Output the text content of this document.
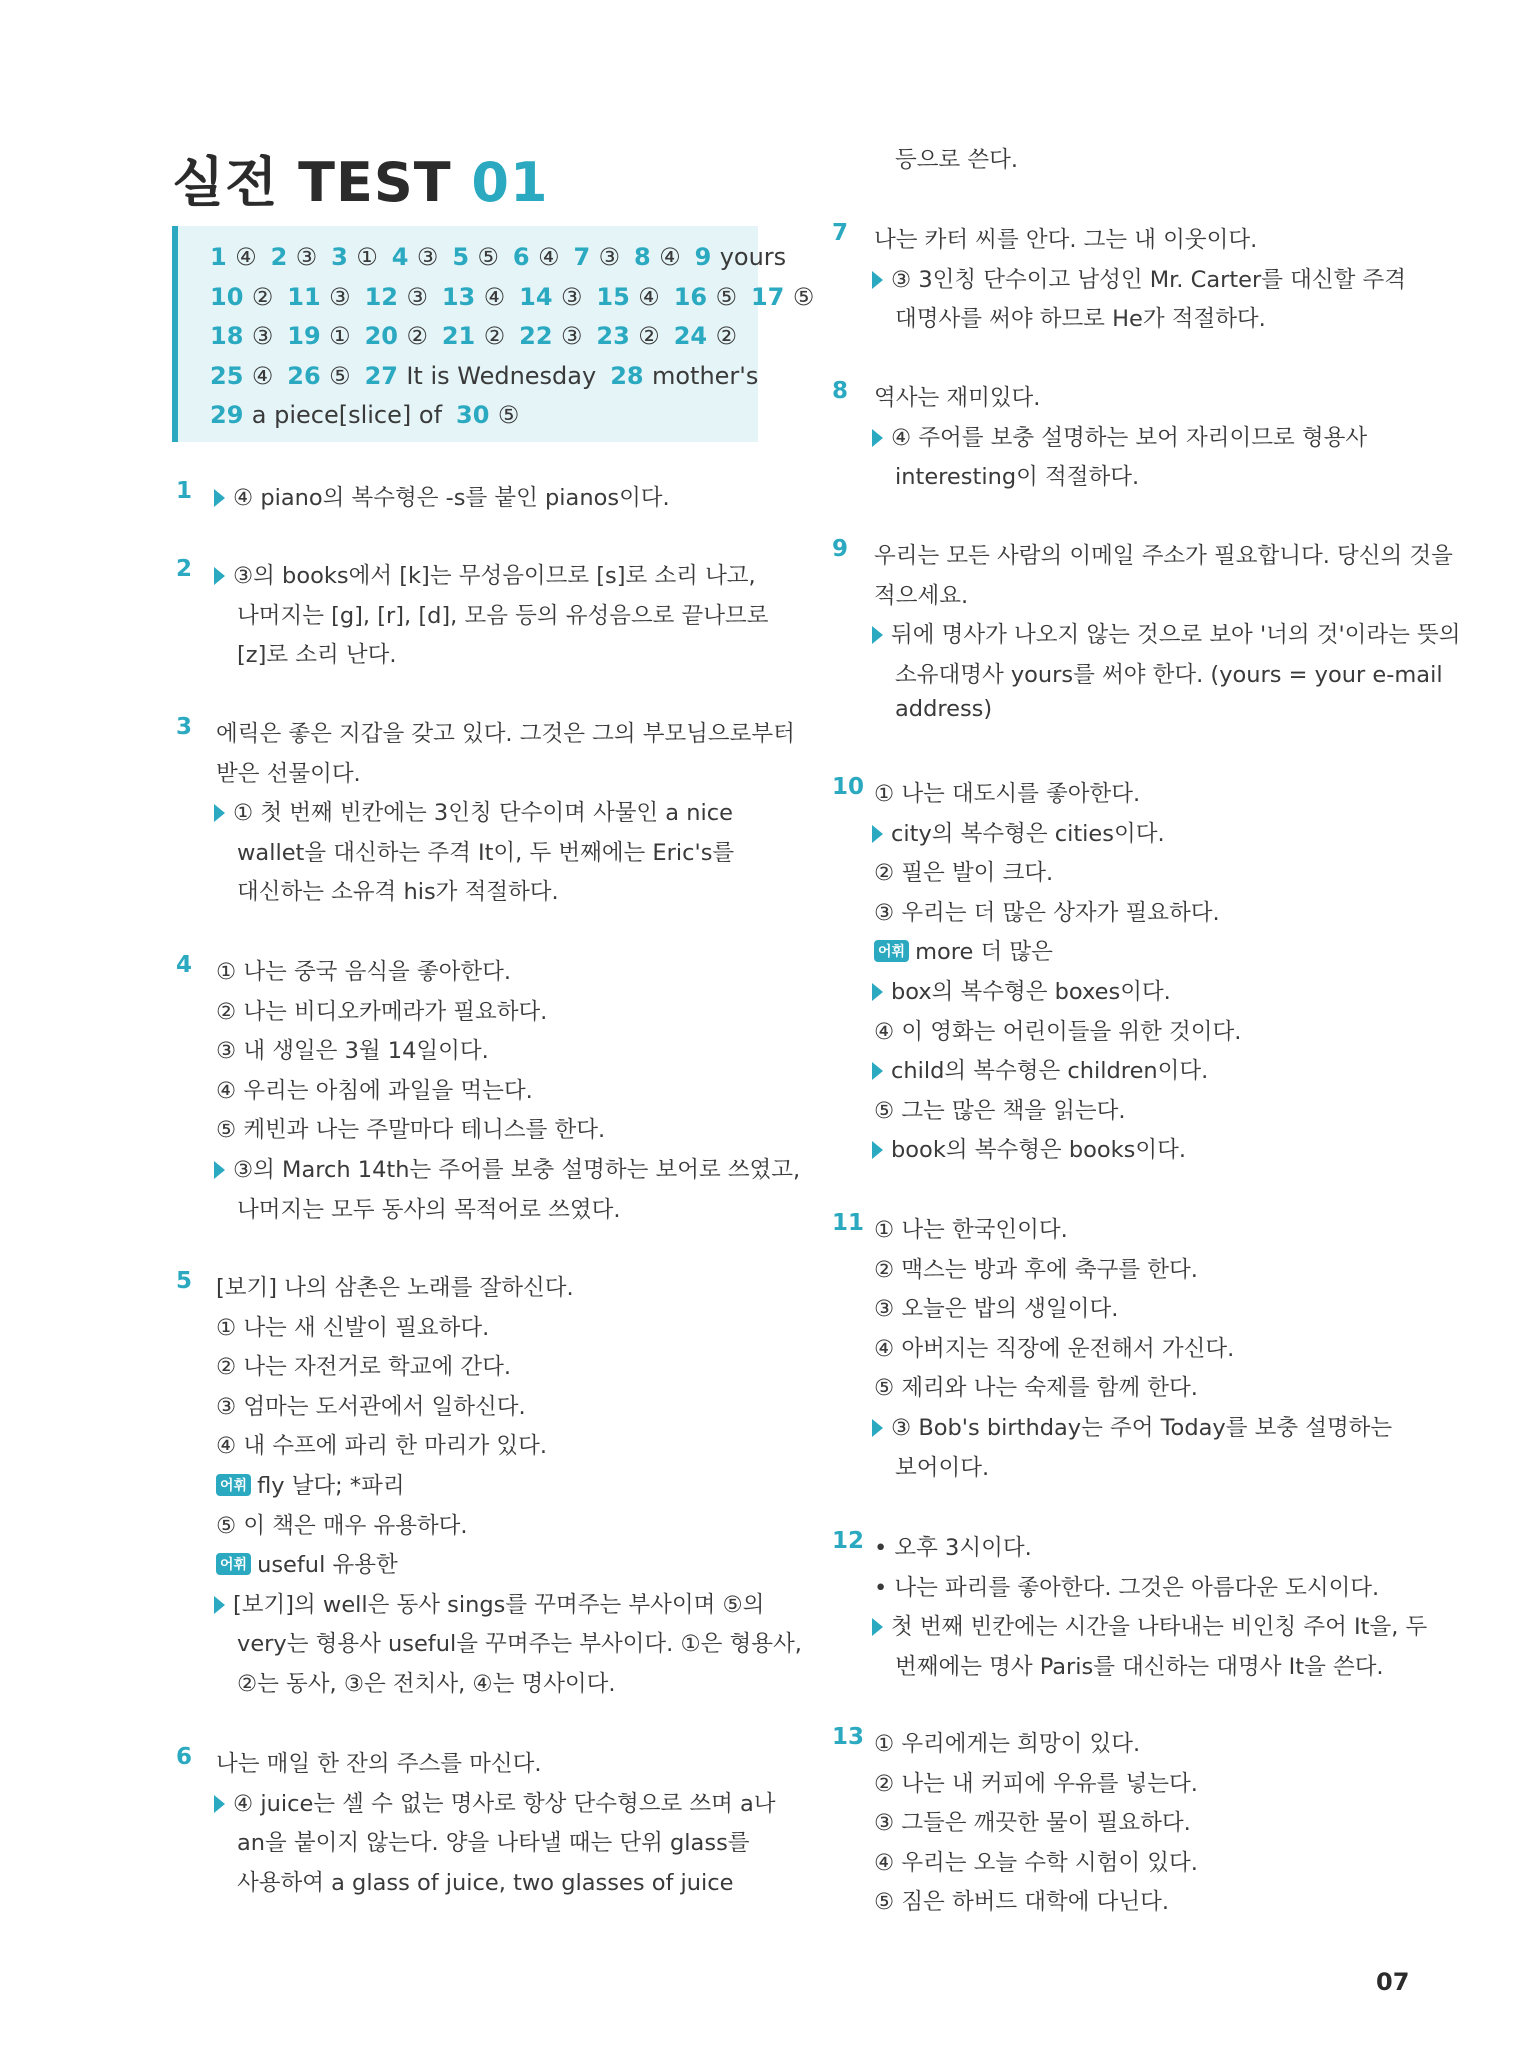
실전 TEST 01
1 ④ 2 ③ 3 ① 4 ③ 5 ⑤ 6 ④ 7 ③ 8 ④ 9 yours
10 ② 11 ③ 12 ③ 13 ④ 14 ③ 15 ④ 16 ⑤ 17 ⑤
18 ③ 19 ① 20 ② 21 ② 22 ③ 23 ② 24 ②
25 ④ 26 ⑤ 27 It is Wednesday 28 mother's
29 a piece[slice] of 30 ⑤
1	④ piano의 복수형은 -s를 붙인 pianos이다.
2	③의 books에서 [k]는 무성음이므로 [s]로 소리 나고,
나머지는 [g], [r], [d], 모음 등의 유성음으로 끝나므로
[z]로 소리 난다.
3 에릭은 좋은 지갑을 갖고 있다. 그것은 그의 부모님으로부터
받은 선물이다.
① 첫 번째 빈칸에는 3인칭 단수이며 사물인 a nice
wallet을 대신하는 주격 It이, 두 번째에는 Eric's를
대신하는 소유격 his가 적절하다.
4 ① 나는 중국 음식을 좋아한다.
② 나는 비디오카메라가 필요하다.
③ 내 생일은 3월 14일이다.
④ 우리는 아침에 과일을 먹는다.
⑤ 케빈과 나는 주말마다 테니스를 한다.
③의 March 14th는 주어를 보충 설명하는 보어로 쓰였고,
나머지는 모두 동사의 목적어로 쓰였다.
5 [보기] 나의 삼촌은 노래를 잘하신다.
① 나는 새 신발이 필요하다.
② 나는 자전거로 학교에 간다.
③ 엄마는 도서관에서 일하신다.
④ 내 수프에 파리 한 마리가 있다.
어휘 fly 날다; *파리
⑤ 이 책은 매우 유용하다.
어휘 useful 유용한
[보기]의 well은 동사 sings를 꾸며주는 부사이며 ⑤의
very는 형용사 useful을 꾸며주는 부사이다. ①은 형용사,
②는 동사, ③은 전치사, ④는 명사이다.
6 나는 매일 한 잔의 주스를 마신다.
④ juice는 셀 수 없는 명사로 항상 단수형으로 쓰며 a나
an을 붙이지 않는다. 양을 나타낼 때는 단위 glass를
사용하여 a glass of juice, two glasses of juice
등으로 쓴다.
7 나는 카터 씨를 안다. 그는 내 이웃이다.
③ 3인칭 단수이고 남성인 Mr. Carter를 대신할 주격
대명사를 써야 하므로 He가 적절하다.
8 역사는 재미있다.
④ 주어를 보충 설명하는 보어 자리이므로 형용사
interesting이 적절하다.
9 우리는 모든 사람의 이메일 주소가 필요합니다. 당신의 것을
적으세요.
뒤에 명사가 나오지 않는 것으로 보아 '너의 것'이라는 뜻의
소유대명사 yours를 써야 한다. (yours = your e-mail
address)
10 ① 나는 대도시를 좋아한다.
city의 복수형은 cities이다.
② 필은 발이 크다.
③ 우리는 더 많은 상자가 필요하다.
어휘 more 더 많은
box의 복수형은 boxes이다.
④ 이 영화는 어린이들을 위한 것이다.
child의 복수형은 children이다.
⑤ 그는 많은 책을 읽는다.
book의 복수형은 books이다.
11 ① 나는 한국인이다.
② 맥스는 방과 후에 축구를 한다.
③ 오늘은 밥의 생일이다.
④ 아버지는 직장에 운전해서 가신다.
⑤ 제리와 나는 숙제를 함께 한다.
③ Bob's birthday는 주어 Today를 보충 설명하는
보어이다.
12 • 오후 3시이다.
• 나는 파리를 좋아한다. 그것은 아름다운 도시이다.
첫 번째 빈칸에는 시간을 나타내는 비인칭 주어 It을, 두
번째에는 명사 Paris를 대신하는 대명사 It을 쓴다.
13 ① 우리에게는 희망이 있다.
② 나는 내 커피에 우유를 넣는다.
③ 그들은 깨끗한 물이 필요하다.
④ 우리는 오늘 수학 시험이 있다.
⑤ 짐은 하버드 대학에 다닌다.
07
